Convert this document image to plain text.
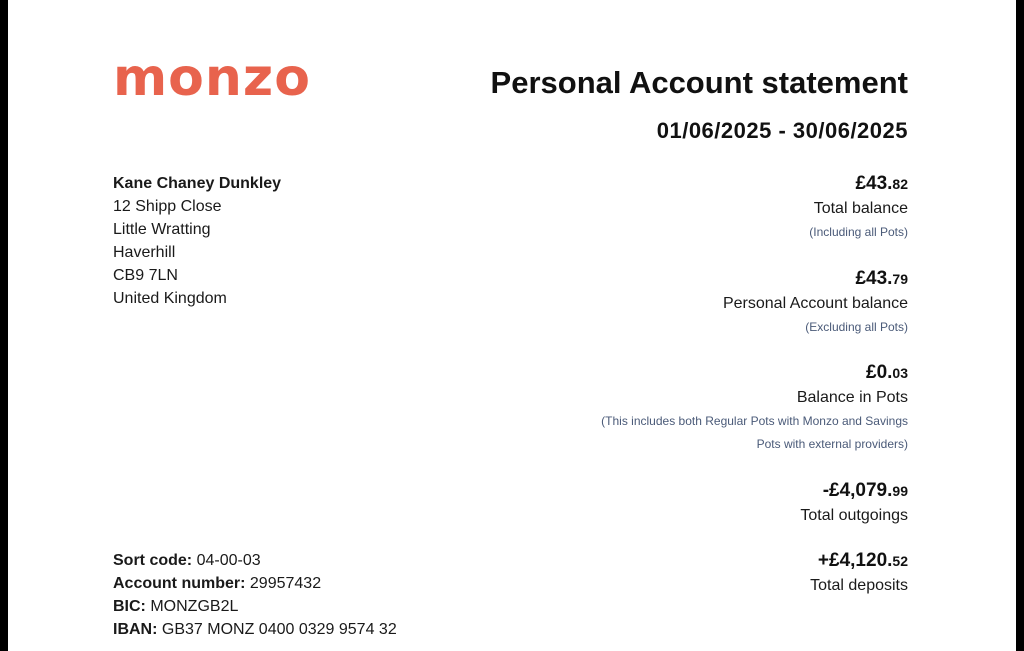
monzo	Personal Account statement
01/06/2025 - 30/06/2025
Kane Chaney Dunkley
12 Shipp Close
Little Wratting
Haverhill
CB9 7LN
United Kingdom
Sort code: 04-00-03
Account number: 29957432
BIC: MONZGB2L
IBAN: GB37 MONZ 0400 0329 9574 32
£43.82
Total balance
(Including all Pots)
£43.79
Personal Account balance
(Excluding all Pots)
£0.03
Balance in Pots
(This includes both Regular Pots with Monzo and Savings
Pots with external providers)
-£4,079.99
Total outgoings
+£4,120.52
Total deposits
